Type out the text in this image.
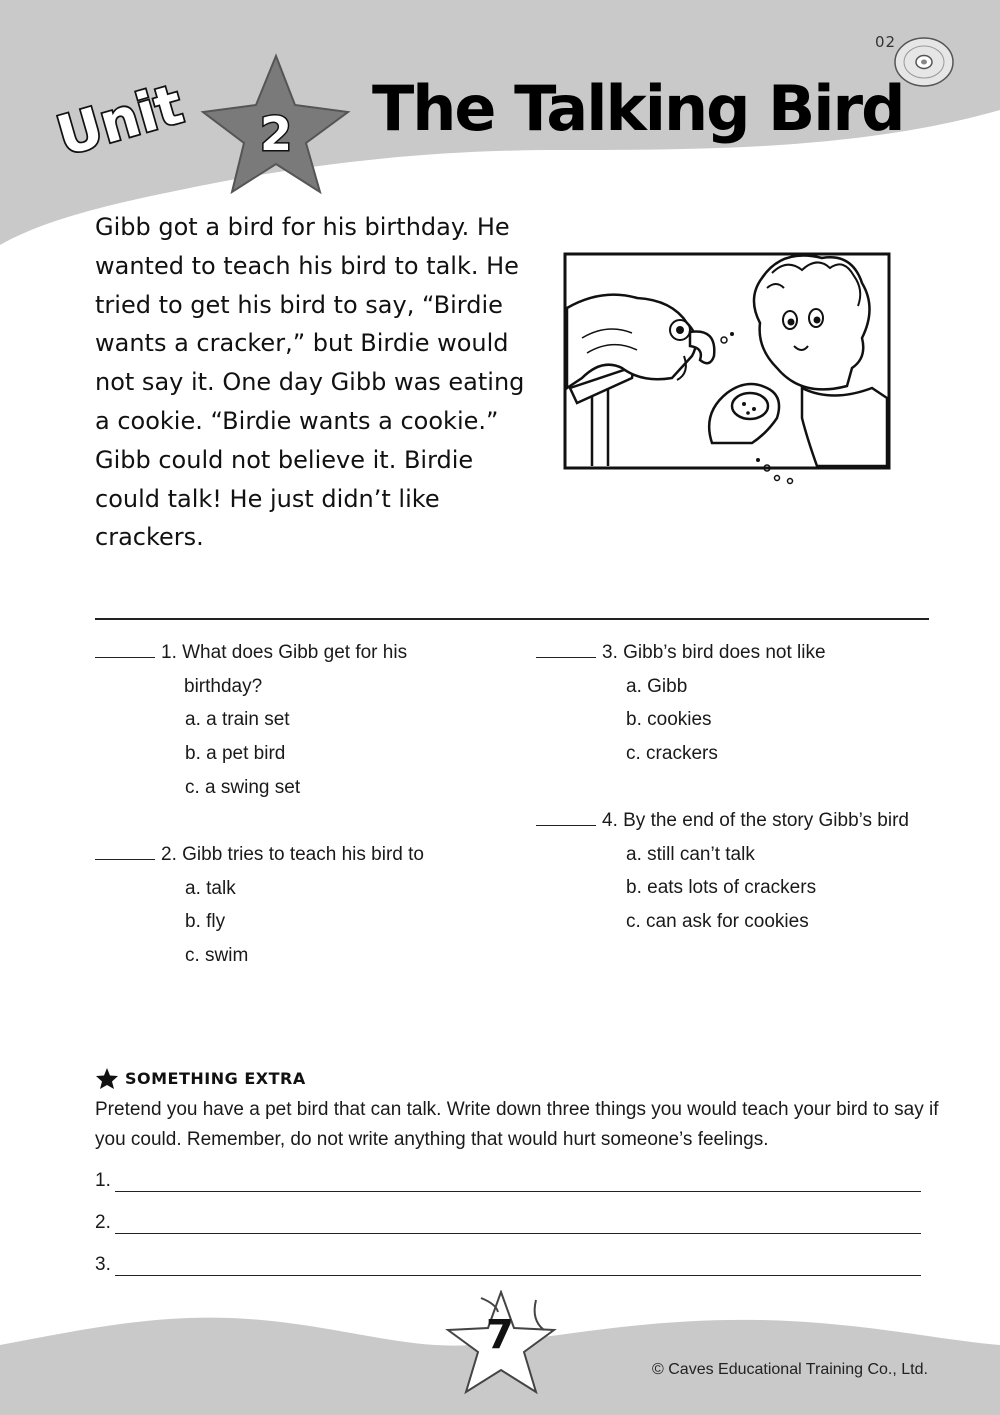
02
Unit 2 The Talking Bird
Gibb got a bird for his birthday. He wanted to teach his bird to talk. He tried to get his bird to say, “Birdie wants a cracker,” but Birdie would not say it. One day Gibb was eating a cookie. “Birdie wants a cookie.” Gibb could not believe it. Birdie could talk! He just didn’t like crackers.
1. What does Gibb get for his
birthday?
a. a train set
b. a pet bird
c. a swing set
2. Gibb tries to teach his bird to
a. talk
b. fly
c. swim
3. Gibb’s bird does not like
a. Gibb
b. cookies
c. crackers
4. By the end of the story Gibb’s bird
a. still can’t talk
b. eats lots of crackers
c. can ask for cookies
SOMETHING EXTRA
Pretend you have a pet bird that can talk. Write down three things you would teach your bird to say if you could. Remember, do not write anything that would hurt someone’s feelings.
1.
2.
3.
7
© Caves Educational Training Co., Ltd.
